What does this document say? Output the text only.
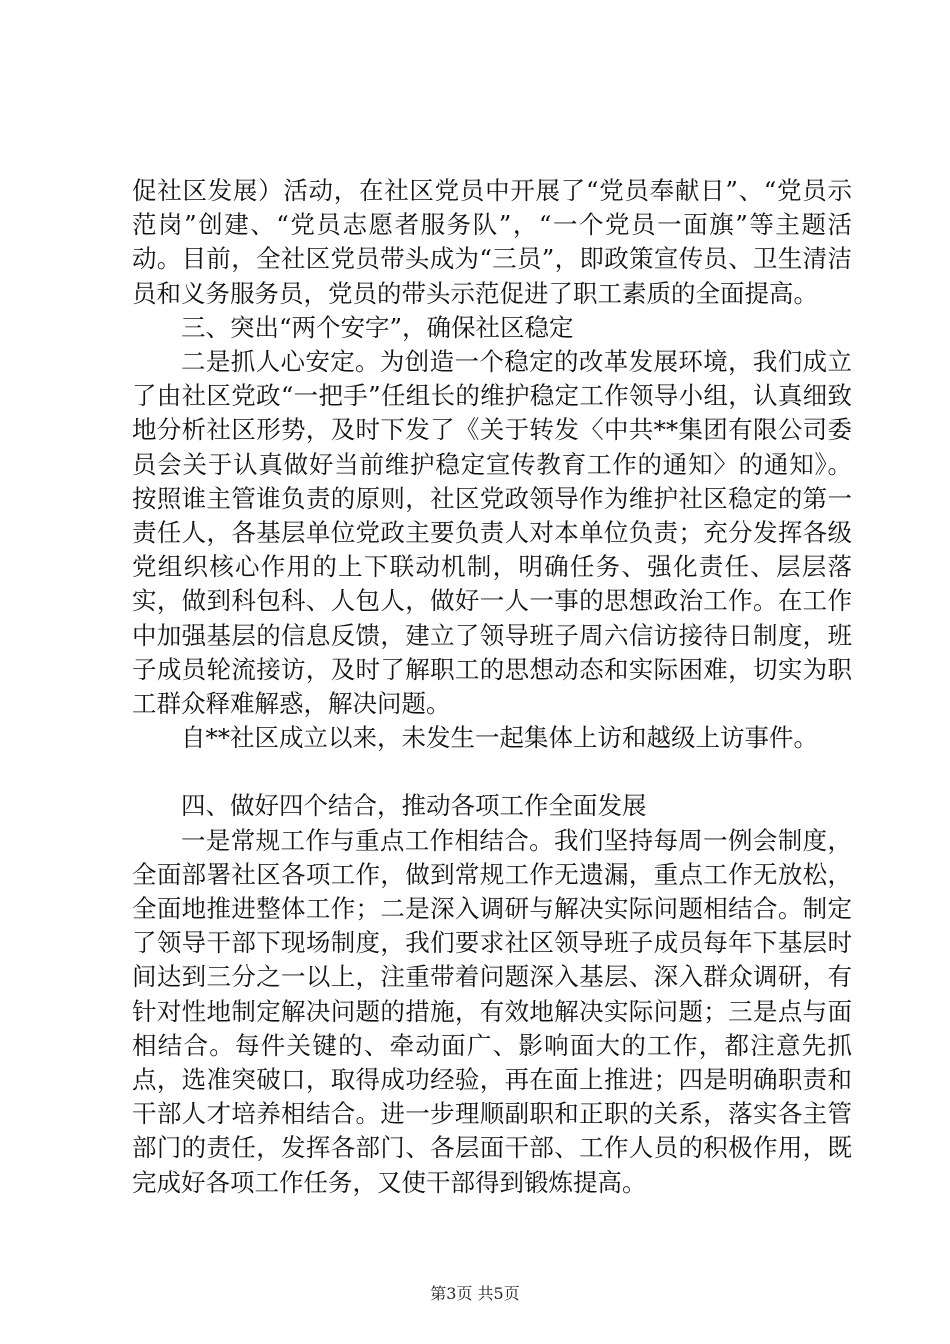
促社区发展）活动，在社区党员中开展了“党员奉献日”、“党员示范岗”创建、“党员志愿者服务队”，“一个党员一面旗”等主题活动。目前，全社区党员带头成为“三员”，即政策宣传员、卫生清洁员和义务服务员，党员的带头示范促进了职工素质的全面提高。

三、突出“两个安字”，确保社区稳定

二是抓人心安定。为创造一个稳定的改革发展环境，我们成立了由社区党政“一把手”任组长的维护稳定工作领导小组，认真细致地分析社区形势，及时下发了《关于转发〈中共**集团有限公司委员会关于认真做好当前维护稳定宣传教育工作的通知〉的通知》。按照谁主管谁负责的原则，社区党政领导作为维护社区稳定的第一责任人，各基层单位党政主要负责人对本单位负责；充分发挥各级党组织核心作用的上下联动机制，明确任务、强化责任、层层落实，做到科包科、人包人，做好一人一事的思想政治工作。在工作中加强基层的信息反馈，建立了领导班子周六信访接待日制度，班子成员轮流接访，及时了解职工的思想动态和实际困难，切实为职工群众释难解惑，解决问题。

自**社区成立以来，未发生一起集体上访和越级上访事件。

四、做好四个结合，推动各项工作全面发展

一是常规工作与重点工作相结合。我们坚持每周一例会制度，全面部署社区各项工作，做到常规工作无遗漏，重点工作无放松，全面地推进整体工作；二是深入调研与解决实际问题相结合。制定了领导干部下现场制度，我们要求社区领导班子成员每年下基层时间达到三分之一以上，注重带着问题深入基层、深入群众调研，有针对性地制定解决问题的措施，有效地解决实际问题；三是点与面相结合。每件关键的、牵动面广、影响面大的工作，都注意先抓点，选准突破口，取得成功经验，再在面上推进；四是明确职责和干部人才培养相结合。进一步理顺副职和正职的关系，落实各主管部门的责任，发挥各部门、各层面干部、工作人员的积极作用，既完成好各项工作任务，又使干部得到锻炼提高。

第3页 共5页
